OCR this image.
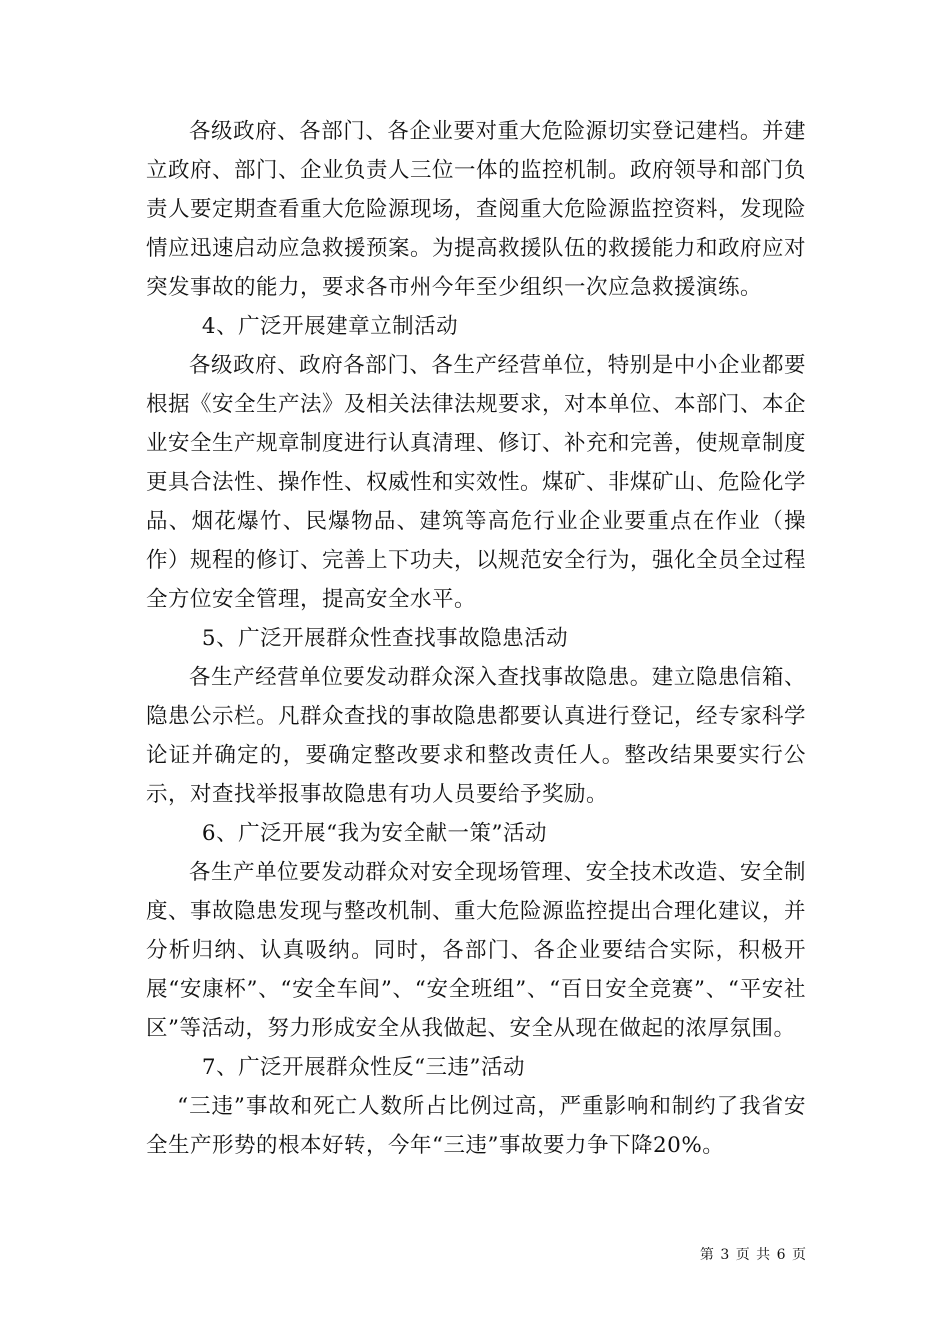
各级政府、各部门、各企业要对重大危险源切实登记建档。并建立政府、部门、企业负责人三位一体的监控机制。政府领导和部门负责人要定期查看重大危险源现场，查阅重大危险源监控资料，发现险情应迅速启动应急救援预案。为提高救援队伍的救援能力和政府应对突发事故的能力，要求各市州今年至少组织一次应急救援演练。

4、广泛开展建章立制活动

各级政府、政府各部门、各生产经营单位，特别是中小企业都要根据《安全生产法》及相关法律法规要求，对本单位、本部门、本企业安全生产规章制度进行认真清理、修订、补充和完善，使规章制度更具合法性、操作性、权威性和实效性。煤矿、非煤矿山、危险化学品、烟花爆竹、民爆物品、建筑等高危行业企业要重点在作业（操作）规程的修订、完善上下功夫，以规范安全行为，强化全员全过程全方位安全管理，提高安全水平。

5、广泛开展群众性查找事故隐患活动

各生产经营单位要发动群众深入查找事故隐患。建立隐患信箱、隐患公示栏。凡群众查找的事故隐患都要认真进行登记，经专家科学论证并确定的，要确定整改要求和整改责任人。整改结果要实行公示，对查找举报事故隐患有功人员要给予奖励。

6、广泛开展“我为安全献一策”活动

各生产单位要发动群众对安全现场管理、安全技术改造、安全制度、事故隐患发现与整改机制、重大危险源监控提出合理化建议，并分析归纳、认真吸纳。同时，各部门、各企业要结合实际，积极开展“安康杯”、“安全车间”、“安全班组”、“百日安全竞赛”、“平安社区”等活动，努力形成安全从我做起、安全从现在做起的浓厚氛围。

7、广泛开展群众性反“三违”活动

“三违”事故和死亡人数所占比例过高，严重影响和制约了我省安全生产形势的根本好转，今年“三违”事故要力争下降20%。

第 3 页 共 6 页
